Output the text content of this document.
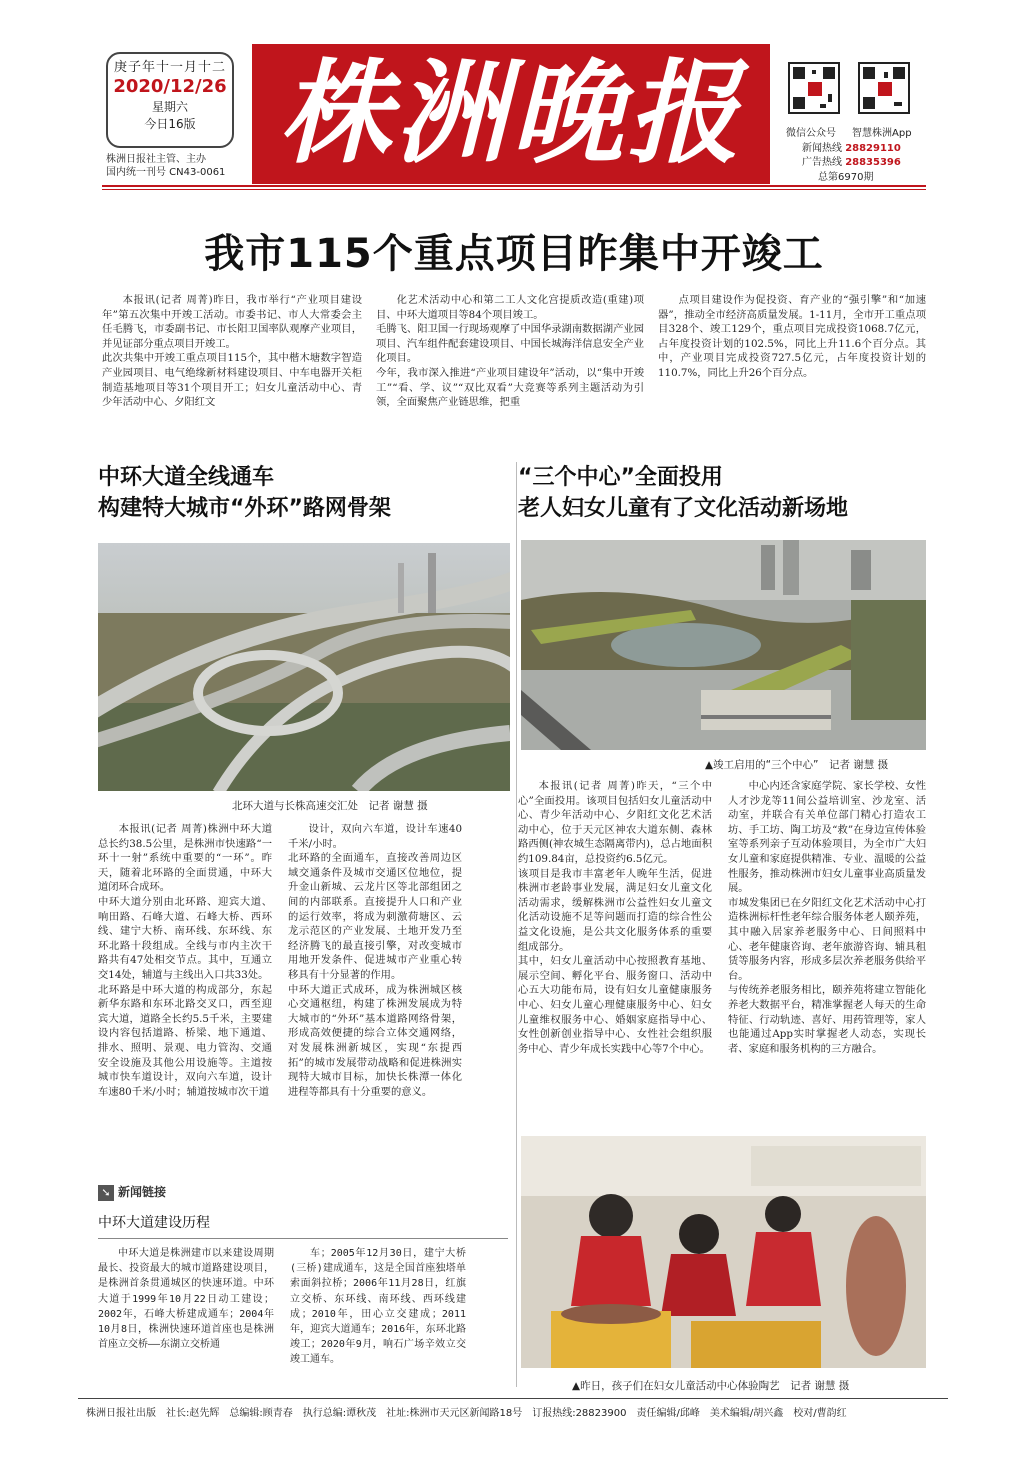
庚子年十一月十二
2020/12/26
星期六
今日16版
株洲日报社主管、主办
国内统一刊号 CN43-0061 株洲晚报	微信公众号 智慧株洲App
新闻热线 28829110
广告热线 28835396
总第6970期
我市115个重点项目昨集中开竣工
本报讯(记者 周菁)昨日，我市举行“产业项目建设年”第五次集中开竣工活动。市委书记、市人大常委会主任毛腾飞，市委副书记、市长阳卫国率队观摩产业项目，并见证部分重点项目开竣工。
此次共集中开竣工重点项目115个，其中楷木塘数字智造产业园项目、电气绝缘新材料建设项目、中车电器开关柜制造基地项目等31个项目开工；妇女儿童活动中心、青少年活动中心、夕阳红文
化艺术活动中心和第二工人文化宫提质改造(重建)项目、中环大道项目等84个项目竣工。
毛腾飞、阳卫国一行现场观摩了中国华录湖南数据湖产业园项目、汽车组件配套建设项目、中国长城海洋信息安全产业化项目。
今年，我市深入推进“产业项目建设年”活动，以“集中开竣工”“看、学、议”“双比双看”大竞赛等系列主题活动为引领，全面聚焦产业链思维，把重
点项目建设作为促投资、育产业的“强引擎”和“加速器”，推动全市经济高质量发展。1-11月，全市开工重点项目328个、竣工129个，重点项目完成投资1068.7亿元，占年度投资计划的102.5%，同比上升11.6个百分点。其中，产业项目完成投资727.5亿元，占年度投资计划的110.7%，同比上升26个百分点。
中环大道全线通车
构建特大城市“外环”路网骨架
北环大道与长株高速交汇处　记者 谢慧 摄
本报讯(记者 周菁)株洲中环大道总长约38.5公里，是株洲市快速路“一环十一射”系统中重要的“一环”。昨天，随着北环路的全面贯通，中环大道闭环合成环。
中环大道分别由北环路、迎宾大道、响田路、石峰大道、石峰大桥、西环线、建宁大桥、南环线、东环线、东环北路十段组成。全线与市内主次干路共有47处相交节点。其中，互通立交14处，辅道与主线出入口共33处。
北环路是中环大道的构成部分，东起新华东路和东环北路交叉口，西至迎宾大道，道路全长约5.5千米，主要建设内容包括道路、桥梁、地下通道、排水、照明、景观、电力管沟、交通安全设施及其他公用设施等。主道按城市快车道设计，双向六车道，设计车速80千米/小时；辅道按城市次干道
设计，双向六车道，设计车速40千米/小时。
北环路的全面通车，直接改善周边区域交通条件及城市交通区位地位，提升金山新城、云龙片区等北部组团之间的内部联系。直接提升人口和产业的运行效率，将成为刺激荷塘区、云龙示范区的产业发展、土地开发乃至经济腾飞的最直接引擎，对改变城市用地开发条件、促进城市产业重心转移具有十分显著的作用。
中环大道正式成环，成为株洲城区核心交通枢纽，构建了株洲发展成为特大城市的“外环”基本道路网络骨架，形成高效便捷的综合立体交通网络，对发展株洲新城区，实现“东提西拓”的城市发展带动战略和促进株洲实现特大城市目标，加快长株潭一体化进程等都具有十分重要的意义。
➘ 新闻链接
中环大道建设历程
中环大道是株洲建市以来建设周期最长、投资最大的城市道路建设项目，是株洲首条贯通城区的快速环道。中环大道于1999年10月22日动工建设；2002年，石峰大桥建成通车；2004年10月8日，株洲快速环道首座也是株洲首座立交桥——东湖立交桥通
车；2005年12月30日，建宁大桥(三桥)建成通车，这是全国首座独塔单索面斜拉桥；2006年11月28日，红旗立交桥、东环线、南环线、西环线建成；2010年，田心立交建成；2011年，迎宾大道通车；2016年，东环北路竣工；2020年9月，响石广场辛效立交竣工通车。
“三个中心”全面投用
老人妇女儿童有了文化活动新场地
▲竣工启用的“三个中心”　记者 谢慧 摄
本报讯(记者 周菁)昨天，“三个中心”全面投用。该项目包括妇女儿童活动中心、青少年活动中心、夕阳红文化艺术活动中心，位于天元区神农大道东侧、森林路西侧(神农城生态隔离带内)，总占地面积约109.84亩，总投资约6.5亿元。
该项目是我市丰富老年人晚年生活，促进株洲市老龄事业发展，满足妇女儿童文化活动需求，缓解株洲市公益性妇女儿童文化活动设施不足等问题而打造的综合性公益文化设施，是公共文化服务体系的重要组成部分。
其中，妇女儿童活动中心按照教育基地、展示空间、孵化平台、服务窗口、活动中心五大功能布局，设有妇女儿童健康服务中心、妇女儿童心理健康服务中心、妇女儿童维权服务中心、婚姻家庭指导中心、女性创新创业指导中心、女性社会组织服务中心、青少年成长实践中心等7个中心。
中心内还含家庭学院、家长学校、女性人才沙龙等11间公益培训室、沙龙室、活动室，并联合有关单位部门精心打造农工坊、手工坊、陶工坊及“救”在身边宣传体验室等系列亲子互动体验项目，为全市广大妇女儿童和家庭提供精准、专业、温暖的公益性服务，推动株洲市妇女儿童事业高质量发展。
市城发集团已在夕阳红文化艺术活动中心打造株洲标杆性老年综合服务体老人颐养苑，其中融入居家养老服务中心、日间照料中心、老年健康咨询、老年旅游咨询、辅具租赁等服务内容，形成多层次养老服务供给平台。
与传统养老服务相比，颐养苑将建立智能化养老大数据平台，精准掌握老人每天的生命特征、行动轨迹、喜好、用药管理等，家人也能通过App实时掌握老人动态，实现长者、家庭和服务机构的三方融合。
▲昨日，孩子们在妇女儿童活动中心体验陶艺　记者 谢慧 摄
株洲日报社出版　社长:赵先辉　总编辑:顾青春　执行总编:谭秋茂　社址:株洲市天元区新闻路18号　订报热线:28823900　责任编辑/邱峰　美术编辑/胡兴鑫　校对/曹韵红
